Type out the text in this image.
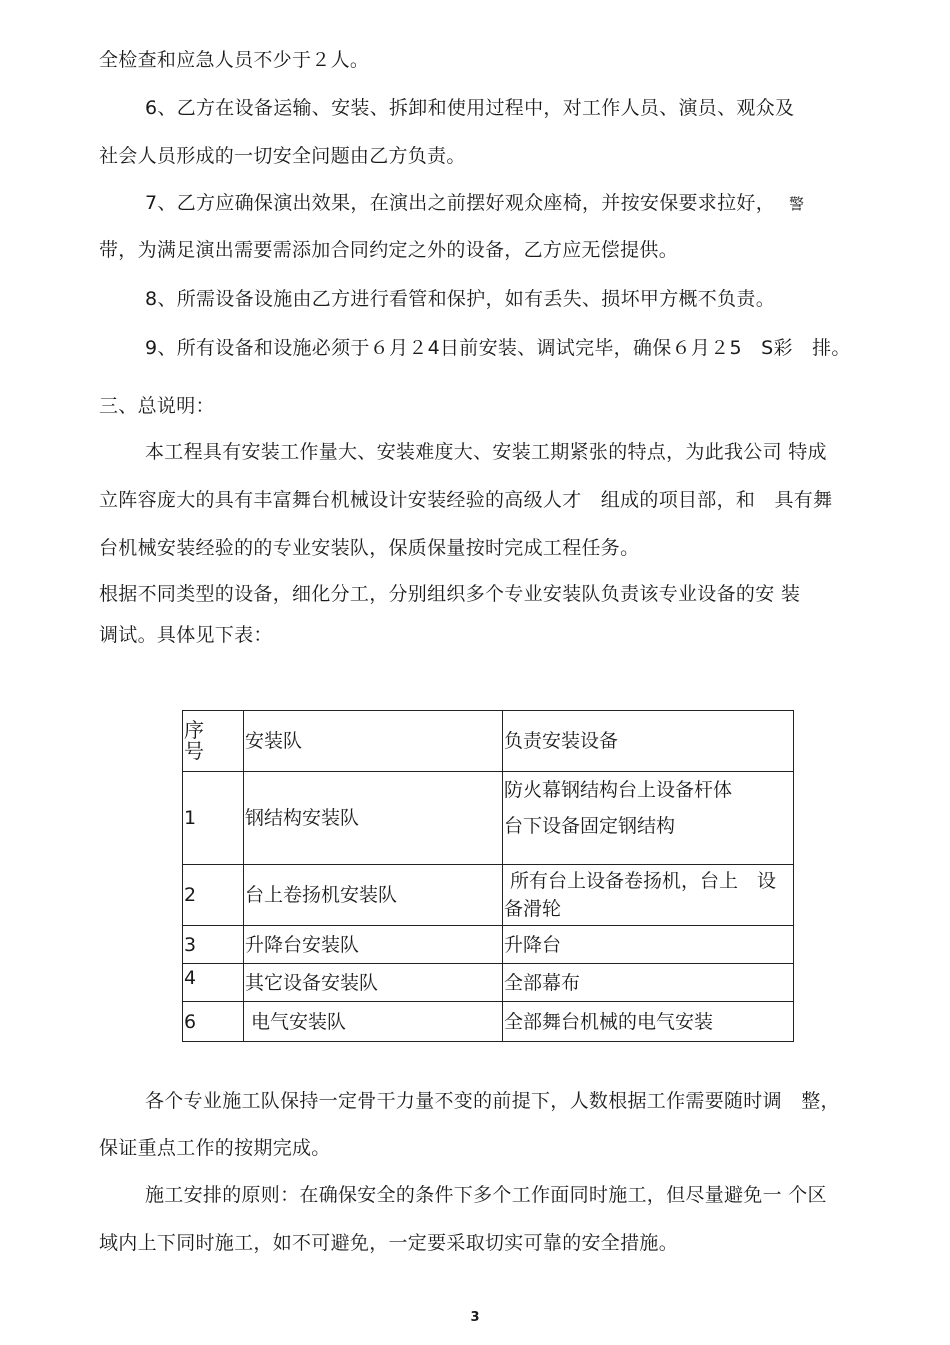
全检查和应急人员不少于２人。
6、乙方在设备运输、安装、拆卸和使用过程中，对工作人员、演员、观众及
社会人员形成的一切安全问题由乙方负责。
7、乙方应确保演出效果，在演出之前摆好观众座椅，并按安保要求拉好， 警
带，为满足演出需要需添加合同约定之外的设备，乙方应无偿提供。
8、所需设备设施由乙方进行看管和保护，如有丢失、损坏甲方概不负责。
9、所有设备和设施必须于６月２4日前安装、调试完毕，确保６月２5　S彩　排。
三、总说明：
本工程具有安装工作量大、安装难度大、安装工期紧张的特点，为此我公司 特成
立阵容庞大的具有丰富舞台机械设计安装经验的高级人才　组成的项目部，和　具有舞
台机械安装经验的的专业安装队，保质保量按时完成工程任务。
根据不同类型的设备，细化分工，分别组织多个专业安装队负责该专业设备的安 装
调试。具体见下表：
序号	安装队	负责安装设备
1	钢结构安装队	防火幕钢结构台上设备杆体
台下设备固定钢结构

2	台上卷扬机安装队	所有台上设备卷扬机，台上　设
备滑轮

3	升降台安装队	升降台
4	其它设备安装队	全部幕布
6	电气安装队	全部舞台机械的电气安装
各个专业施工队保持一定骨干力量不变的前提下，人数根据工作需要随时调　整，
保证重点工作的按期完成。
施工安排的原则：在确保安全的条件下多个工作面同时施工，但尽量避免一 个区
域内上下同时施工，如不可避免，一定要采取切实可靠的安全措施。
3
